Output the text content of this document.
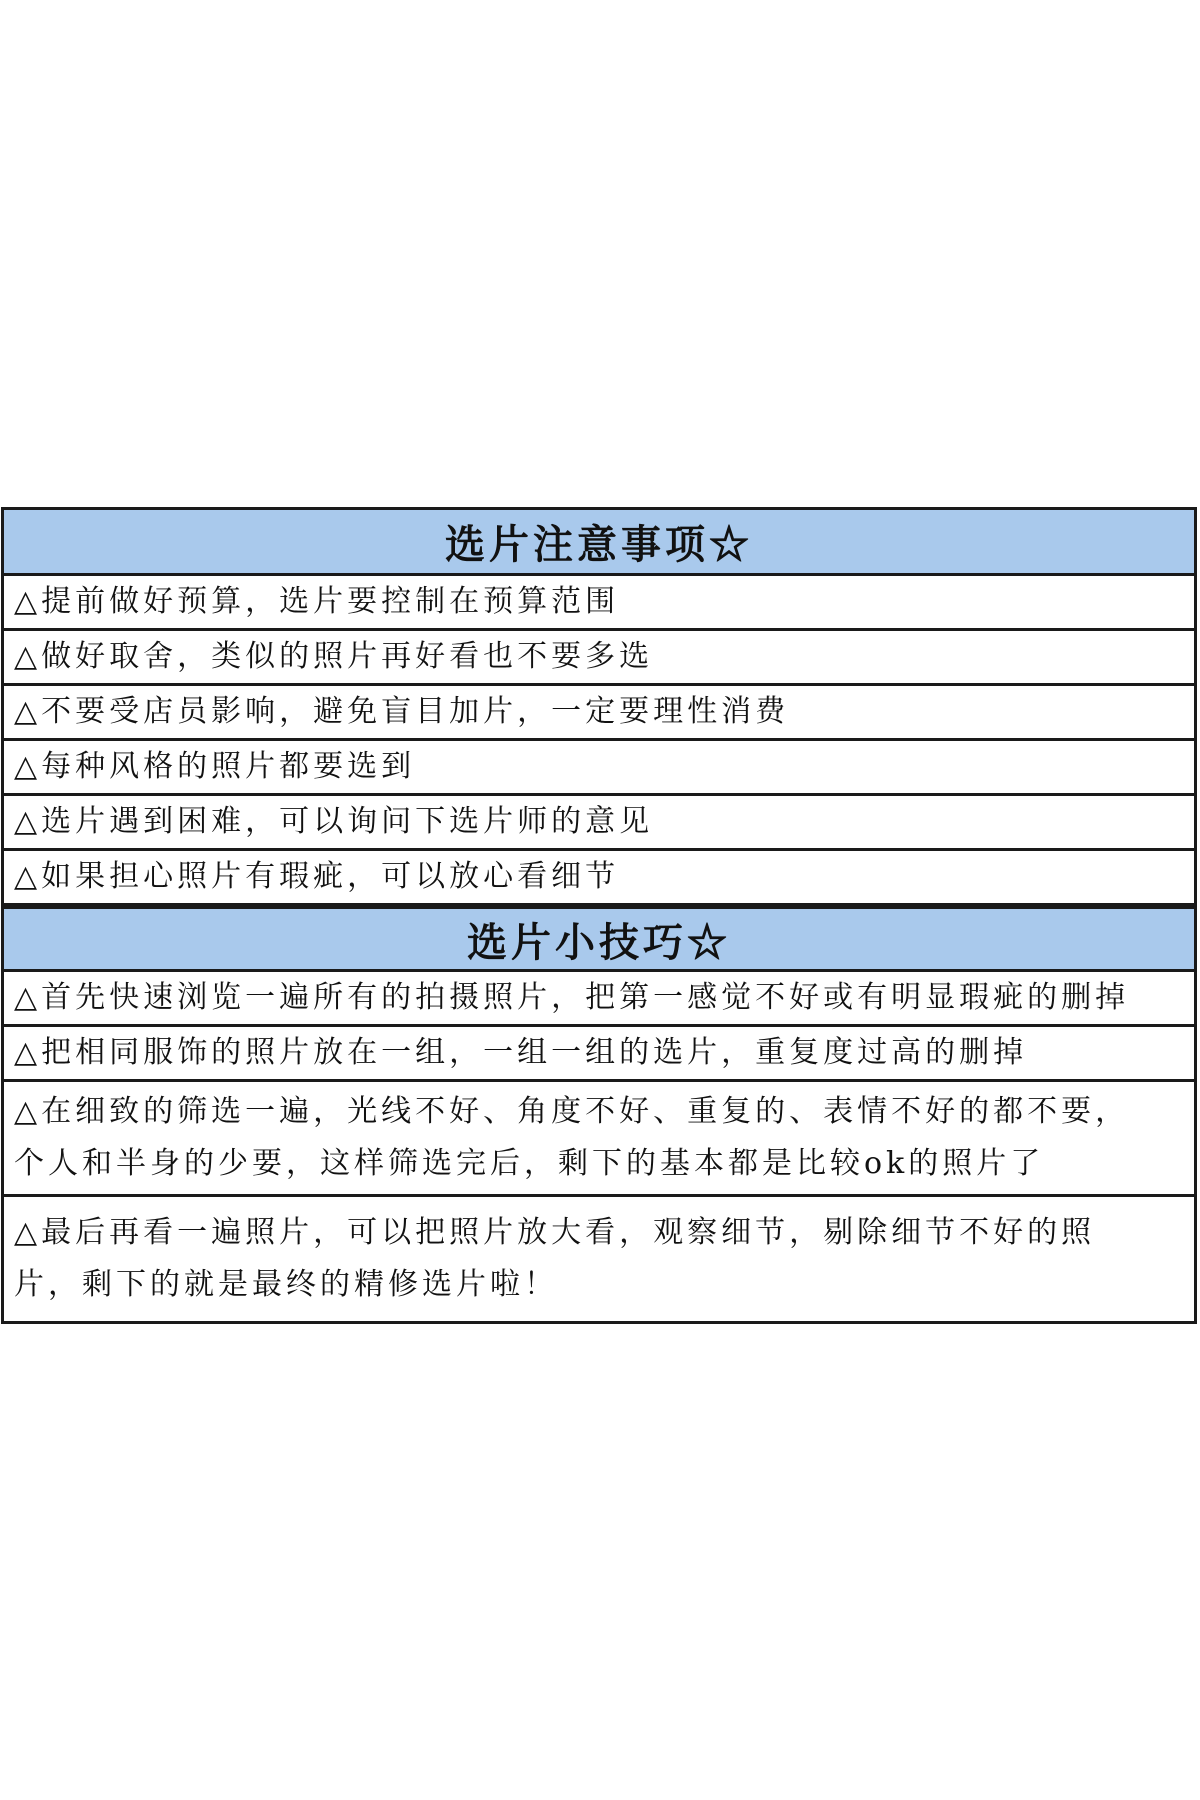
选片注意事项☆
△提前做好预算，选片要控制在预算范围
△做好取舍，类似的照片再好看也不要多选
△不要受店员影响，避免盲目加片，一定要理性消费
△每种风格的照片都要选到
△选片遇到困难，可以询问下选片师的意见
△如果担心照片有瑕疵，可以放心看细节
选片小技巧☆
△首先快速浏览一遍所有的拍摄照片，把第一感觉不好或有明显瑕疵的删掉
△把相同服饰的照片放在一组，一组一组的选片，重复度过高的删掉
△在细致的筛选一遍，光线不好、角度不好、重复的、表情不好的都不要，
个人和半身的少要，这样筛选完后，剩下的基本都是比较ok的照片了
△最后再看一遍照片，可以把照片放大看，观察细节，剔除细节不好的照
片，剩下的就是最终的精修选片啦！
